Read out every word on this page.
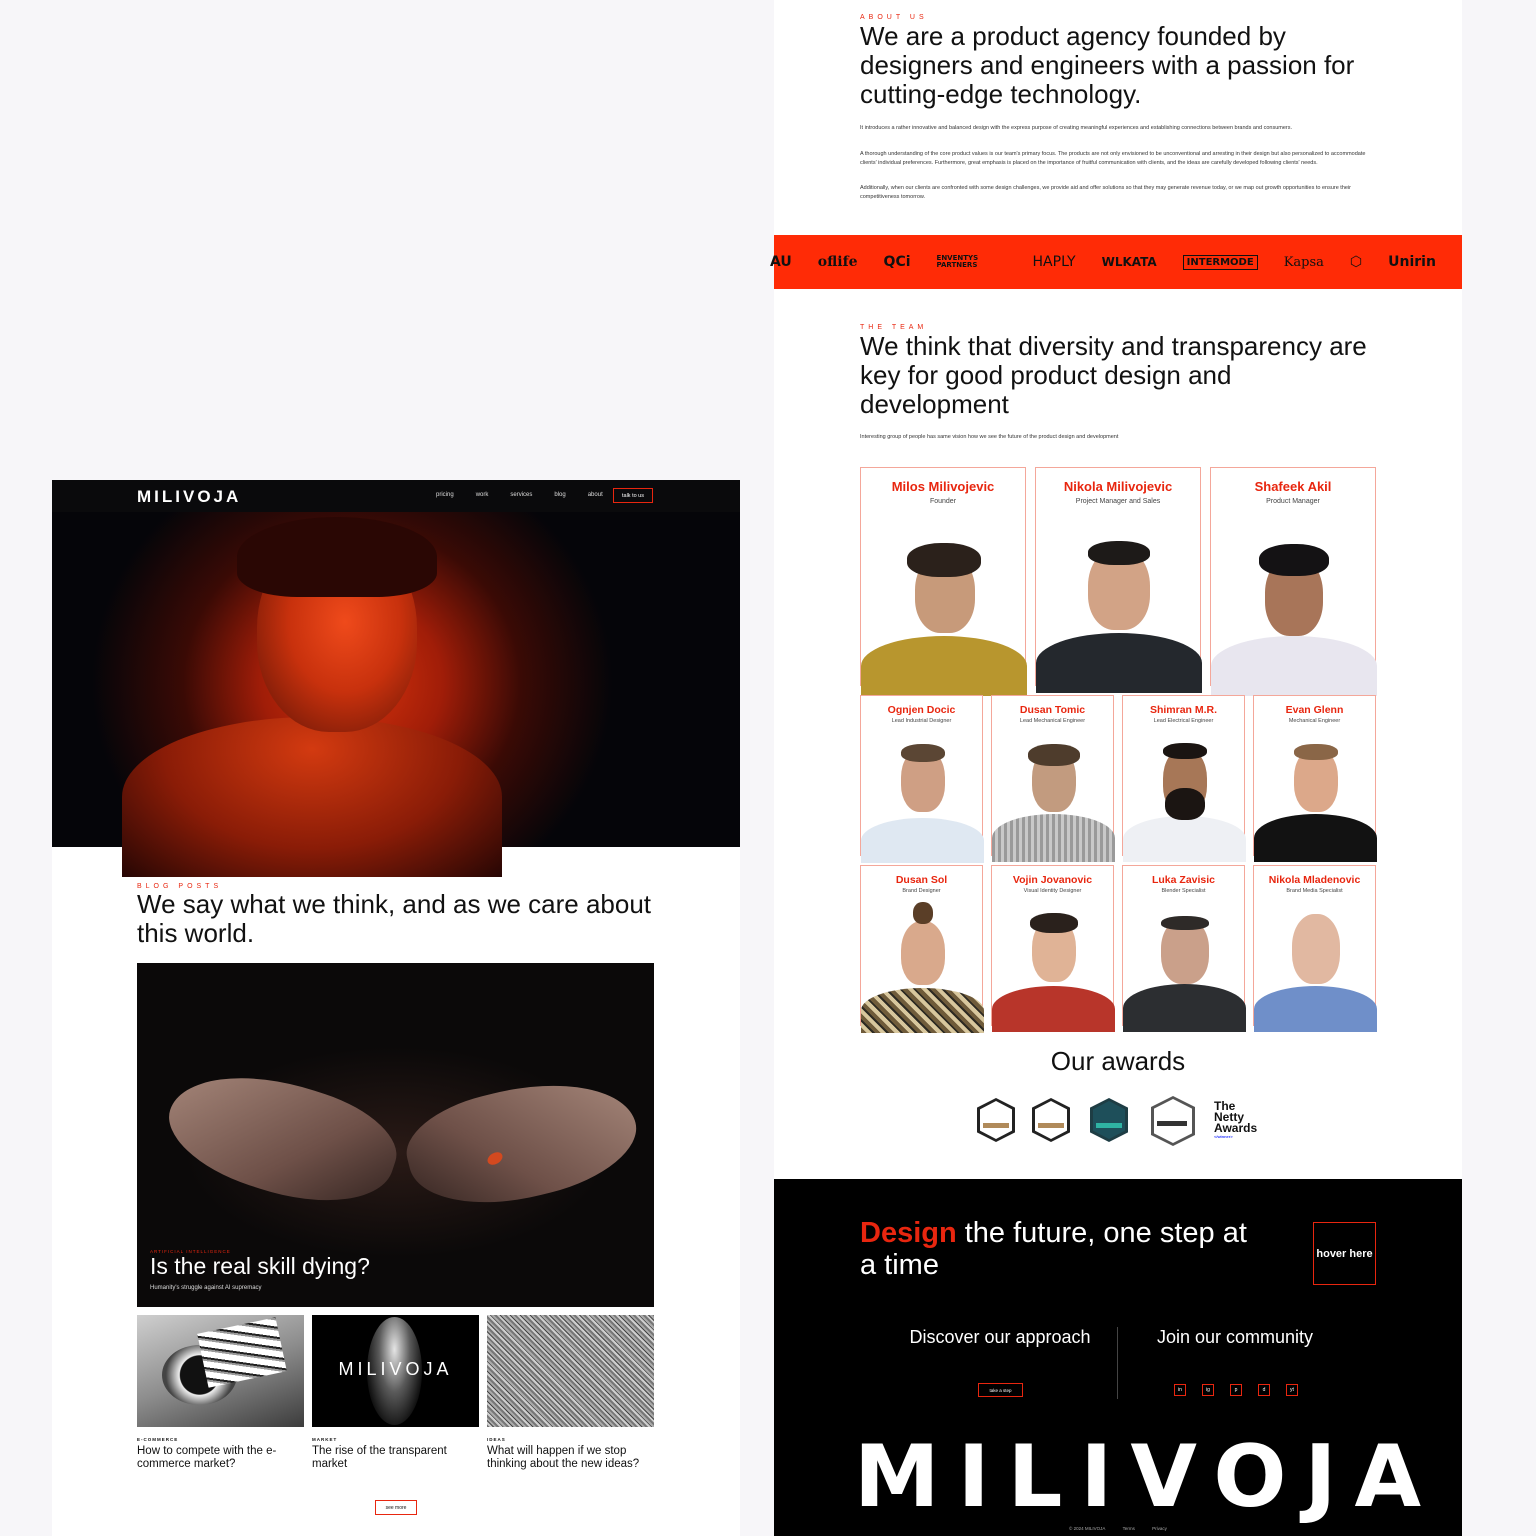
MILIVOJA	pricing	work	services	blog	about	talk to us
BLOG POSTS
We say what we think, and as we care about this world.
ARTIFICIAL INTELLIGENCE
Is the real skill dying?
Humanity's struggle against AI supremacy
E-COMMERCE
How to compete with the e-commerce market?
MILIVOJA
MARKET
The rise of the transparent market
IDEAS
What will happen if we stop thinking about the new ideas?
see more
ABOUT US
We are a product agency founded by designers and engineers with a passion for cutting-edge technology.

It introduces a rather innovative and balanced design with the express purpose of creating meaningful experiences and establishing connections between brands and consumers.

A thorough understanding of the core product values is our team's primary focus. The products are not only envisioned to be unconventional and arresting in their design but also personalized to accommodate clients' individual preferences. Furthermore, great emphasis is placed on the importance of fruitful communication with clients, and the ideas are carefully developed following clients' needs.

Additionally, when our clients are confronted with some design challenges, we provide aid and offer solutions so that they may generate revenue today, or we map out growth opportunities to ensure their competitiveness tomorrow.

AU oflife QCi	ENVENTYS PARTNERS	HAPLY WLKATA	INTERMODE	Kapsa ⬡ Unirin
THE TEAM
We think that diversity and transparency are key for good product design and development
Interesting group of people has same vision how we see the future of the product design and development
Milos Milivojevic
Founder
Nikola Milivojevic
Project Manager and Sales
Shafeek Akil
Product Manager
Ognjen Docic
Lead Industrial Designer
Dusan Tomic
Lead Mechanical Engineer
Shimran M.R.
Lead Electrical Engineer
Evan Glenn
Mechanical Engineer
Dusan Sol
Brand Designer
Vojin Jovanovic
Visual Identity Designer
Luka Zavisic
Blender Specialist
Nikola Mladenovic
Brand Media Specialist
Our awards
The
Netty
Awards
</winner>
Design the future, one step at a time	hover here
Discover our approach	Join our community
take a step	in	ig	p	d	yt
MILIVOJA
© 2024 MILIVOJA	Terms	Privacy
